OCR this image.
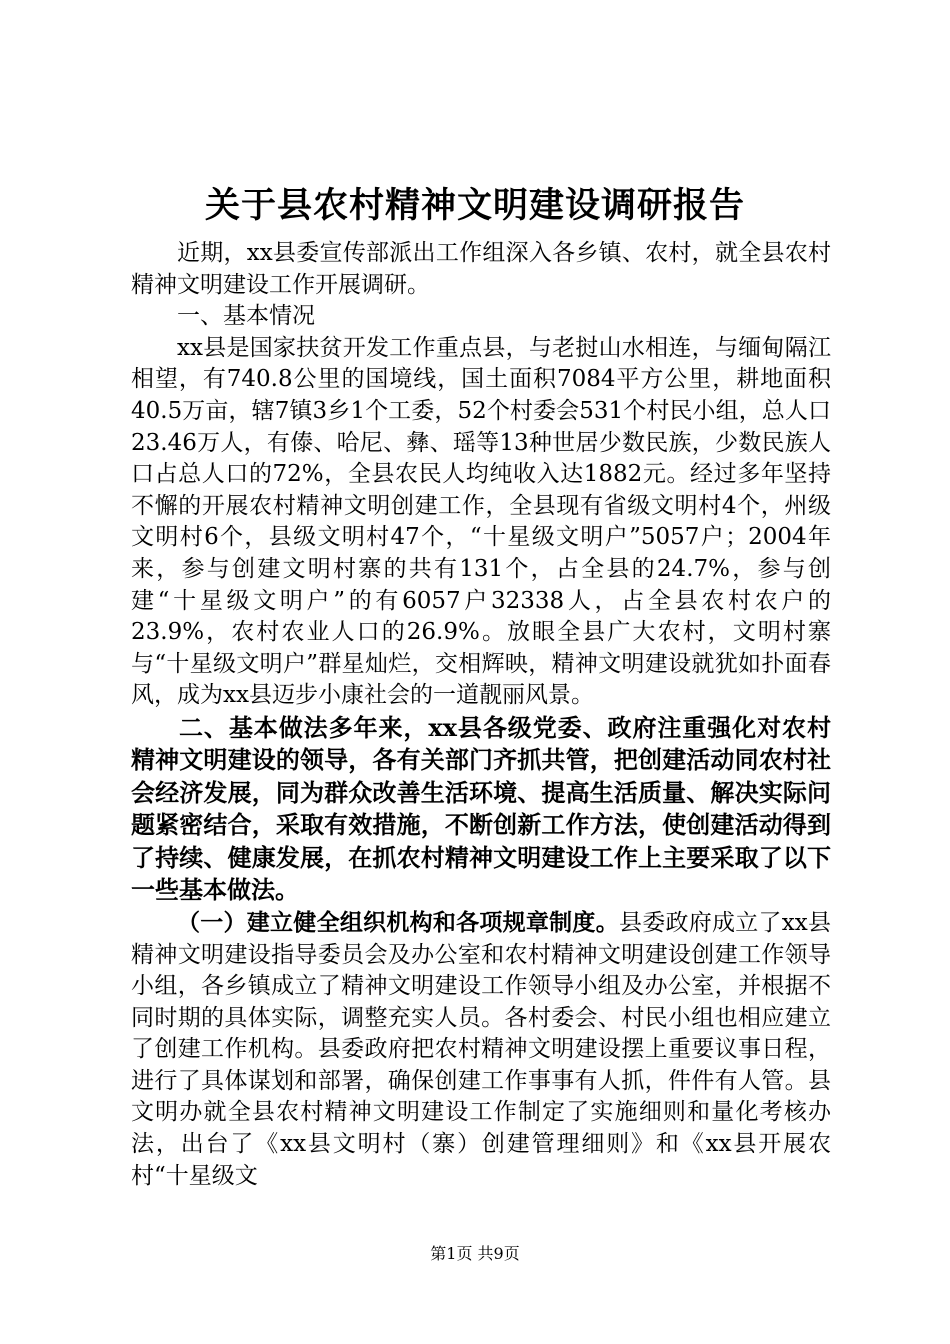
关于县农村精神文明建设调研报告

近期，xx县委宣传部派出工作组深入各乡镇、农村，就全县农村精神文明建设工作开展调研。

一、基本情况

xx县是国家扶贫开发工作重点县，与老挝山水相连，与缅甸隔江相望，有740.8公里的国境线，国土面积7084平方公里，耕地面积40.5万亩，辖7镇3乡1个工委，52个村委会531个村民小组，总人口23.46万人，有傣、哈尼、彝、瑶等13种世居少数民族，少数民族人口占总人口的72%，全县农民人均纯收入达1882元。经过多年坚持不懈的开展农村精神文明创建工作，全县现有省级文明村4个，州级文明村6个，县级文明村47个，“十星级文明户”5057户；2004年来，参与创建文明村寨的共有131个，占全县的24.7%，参与创建“十星级文明户”的有6057户32338人，占全县农村农户的23.9%，农村农业人口的26.9%。放眼全县广大农村，文明村寨与“十星级文明户”群星灿烂，交相辉映，精神文明建设就犹如扑面春风，成为xx县迈步小康社会的一道靓丽风景。

二、基本做法多年来，xx县各级党委、政府注重强化对农村精神文明建设的领导，各有关部门齐抓共管，把创建活动同农村社会经济发展，同为群众改善生活环境、提高生活质量、解决实际问题紧密结合，采取有效措施，不断创新工作方法，使创建活动得到了持续、健康发展，在抓农村精神文明建设工作上主要采取了以下一些基本做法。

（一）建立健全组织机构和各项规章制度。县委政府成立了xx县精神文明建设指导委员会及办公室和农村精神文明建设创建工作领导小组，各乡镇成立了精神文明建设工作领导小组及办公室，并根据不同时期的具体实际，调整充实人员。各村委会、村民小组也相应建立了创建工作机构。县委政府把农村精神文明建设摆上重要议事日程，进行了具体谋划和部署，确保创建工作事事有人抓，件件有人管。县文明办就全县农村精神文明建设工作制定了实施细则和量化考核办法，出台了《xx县文明村（寨）创建管理细则》和《xx县开展农村“十星级文

第1页 共9页
